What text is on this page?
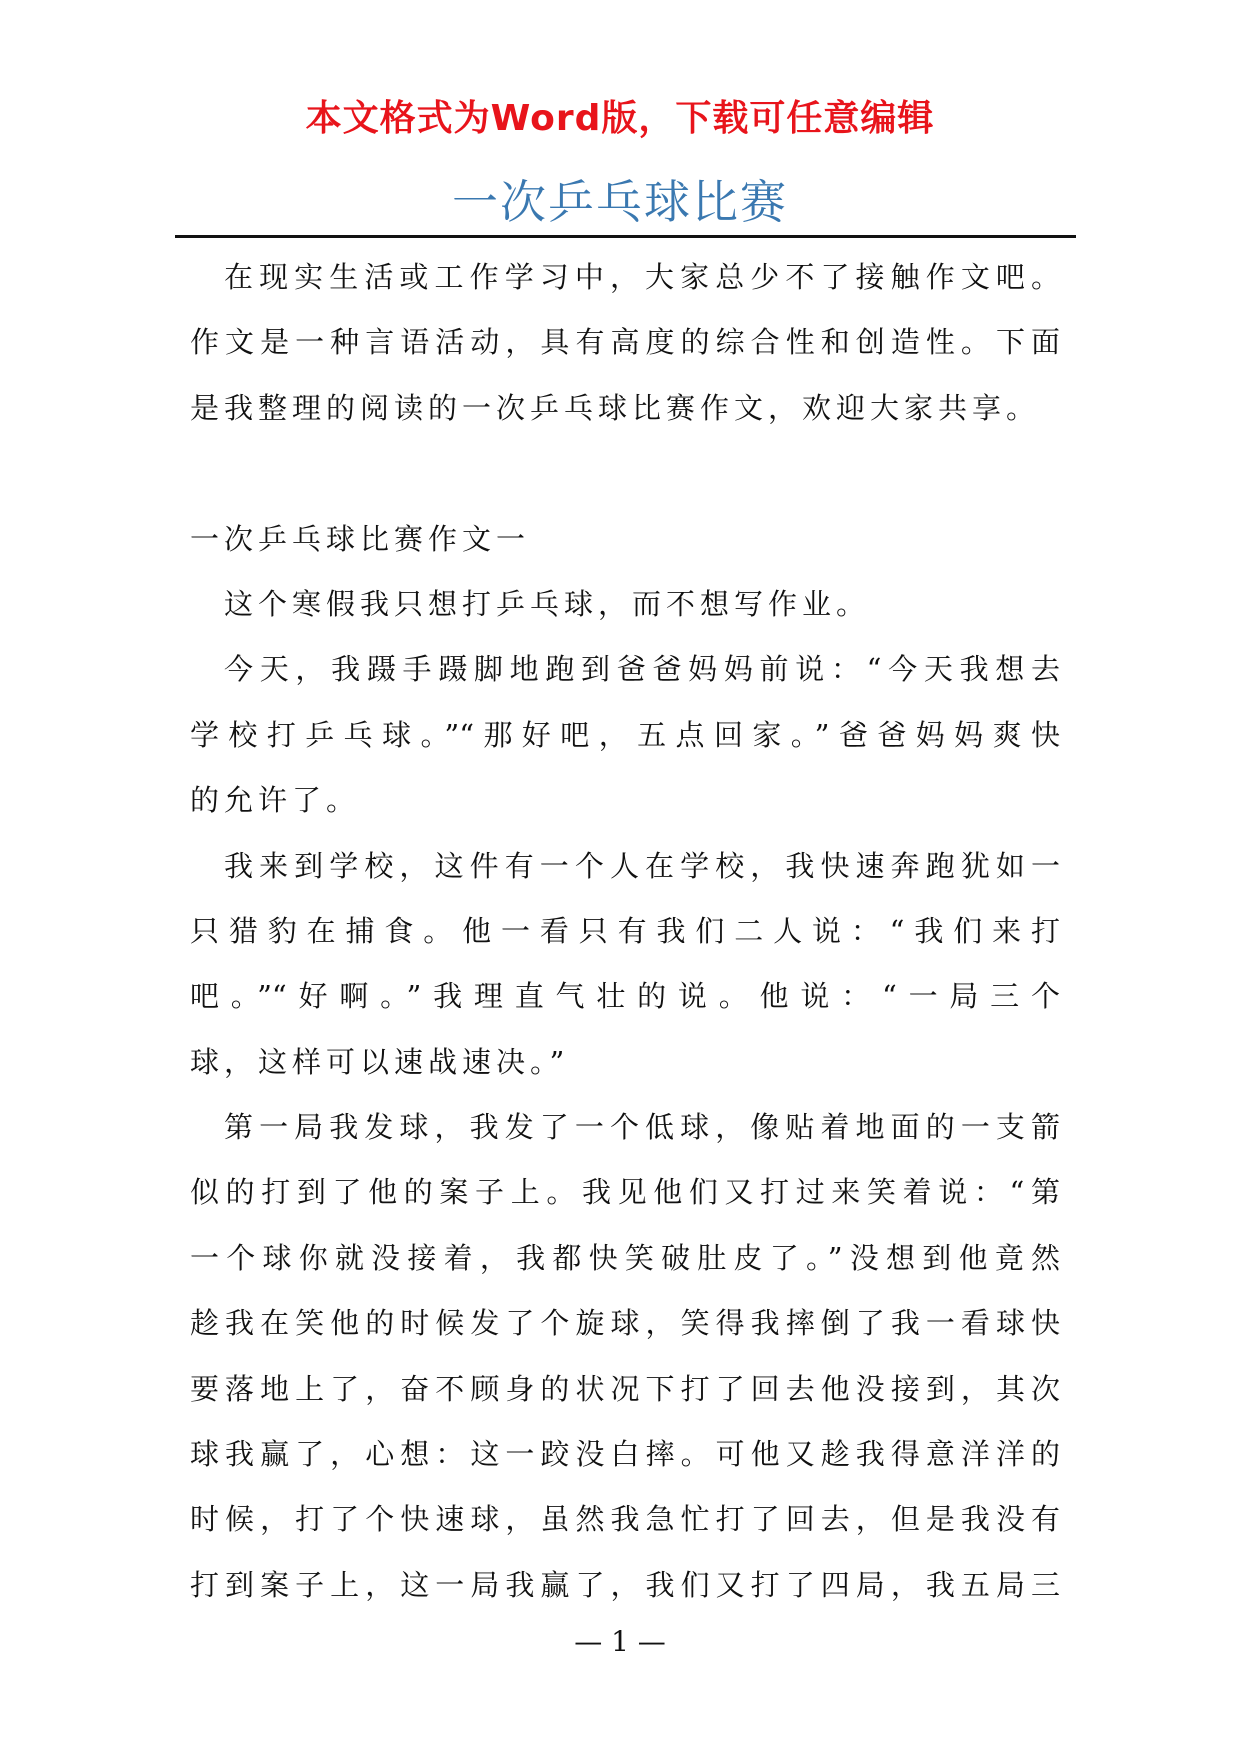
本文格式为Word版，下载可任意编辑
一次乒乓球比赛
在现实生活或工作学习中，大家总少不了接触作文吧。
作文是一种言语活动，具有高度的综合性和创造性。下面
是我整理的阅读的一次乒乓球比赛作文，欢迎大家共享。
一次乒乓球比赛作文一
这个寒假我只想打乒乓球，而不想写作业。
今天，我蹑手蹑脚地跑到爸爸妈妈前说：“今天我想去
学校打乒乓球。”“那好吧，五点回家。”爸爸妈妈爽快
的允许了。
我来到学校，这件有一个人在学校，我快速奔跑犹如一
只猎豹在捕食。他一看只有我们二人说：“我们来打
吧。”“好啊。”我理直气壮的说。他说：“一局三个
球，这样可以速战速决。”
第一局我发球，我发了一个低球，像贴着地面的一支箭
似的打到了他的案子上。我见他们又打过来笑着说：“第
一个球你就没接着，我都快笑破肚皮了。”没想到他竟然
趁我在笑他的时候发了个旋球，笑得我摔倒了我一看球快
要落地上了，奋不顾身的状况下打了回去他没接到，其次
球我赢了，心想：这一跤没白摔。可他又趁我得意洋洋的
时候，打了个快速球，虽然我急忙打了回去，但是我没有
打到案子上，这一局我赢了，我们又打了四局，我五局三
— 1 —
